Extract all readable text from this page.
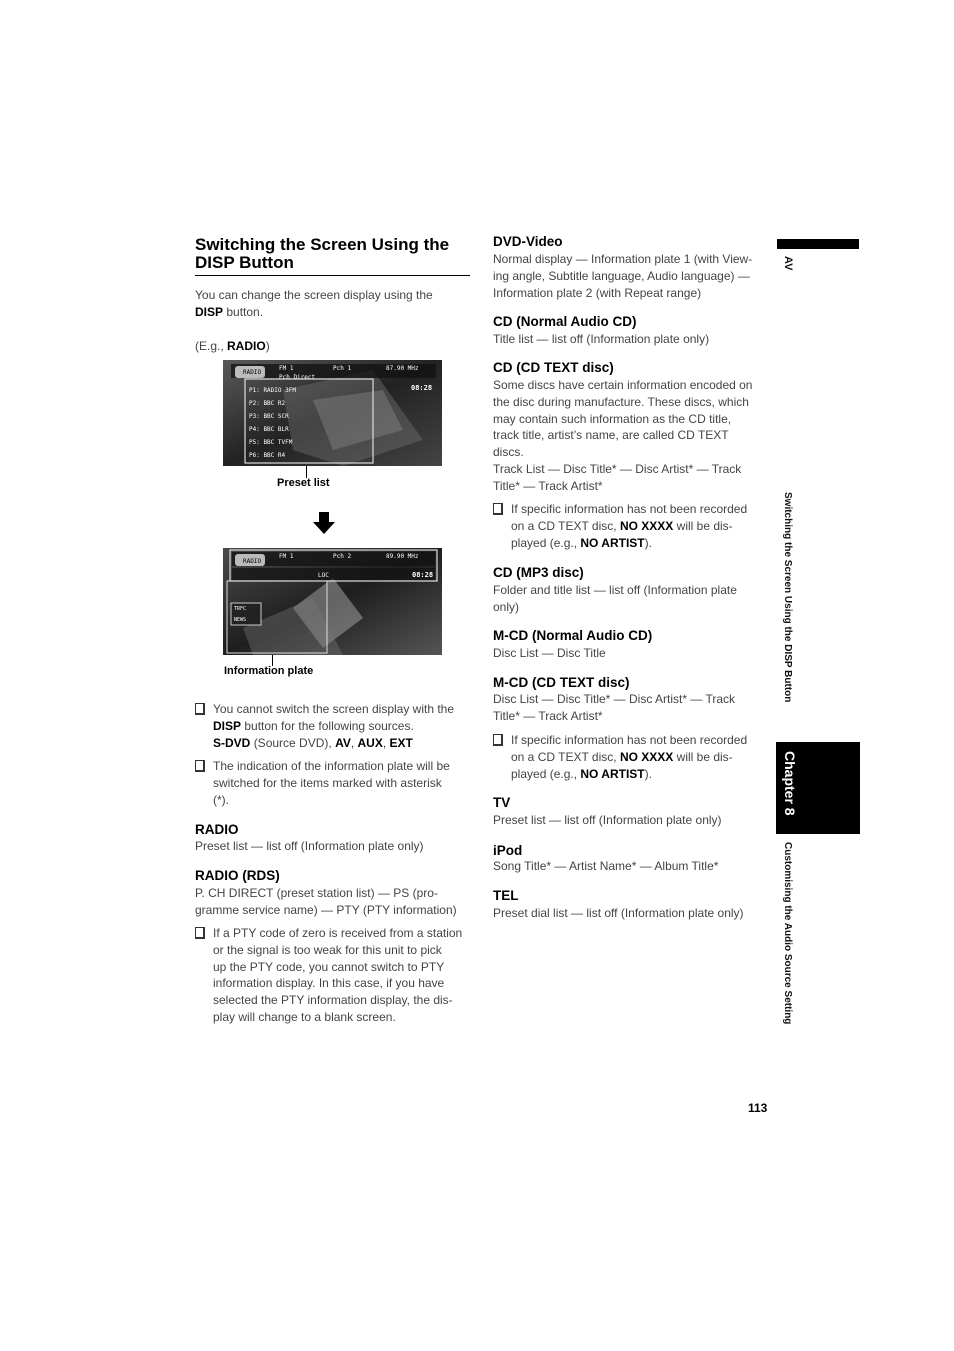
Switching the Screen Using the
DISP Button
You can change the screen display using the
DISP button.
(E.g., RADIO)
RADIO
FM 1
Pch Direct
Pch 1	87.90 MHz
08:28
P1: RADIO 3FM
P2: BBC R2
P3: BBC SCR
P4: BBC BLR
P5: BBC TVFM
P6: BBC R4
Preset list
RADIO
FM 1	Pch 2	89.90 MHz
LOC	08:28
TRFC
NEWS
Information plate
You cannot switch the screen display with the
DISP button for the following sources.
S-DVD (Source DVD), AV, AUX, EXT
The indication of the information plate will be
switched for the items marked with asterisk
(*).
RADIO
Preset list — list off (Information plate only)
RADIO (RDS)
P. CH DIRECT (preset station list) — PS (pro-
gramme service name) — PTY (PTY information)
If a PTY code of zero is received from a station
or the signal is too weak for this unit to pick
up the PTY code, you cannot switch to PTY
information display. In this case, if you have
selected the PTY information display, the dis-
play will change to a blank screen.
DVD-Video
Normal display — Information plate 1 (with View-
ing angle, Subtitle language, Audio language) —
Information plate 2 (with Repeat range)
CD (Normal Audio CD)
Title list — list off (Information plate only)
CD (CD TEXT disc)
Some discs have certain information encoded on
the disc during manufacture. These discs, which
may contain such information as the CD title,
track title, artist’s name, are called CD TEXT
discs.
Track List — Disc Title* — Disc Artist* — Track
Title* — Track Artist*
If specific information has not been recorded
on a CD TEXT disc, NO XXXX will be dis-
played (e.g., NO ARTIST).
CD (MP3 disc)
Folder and title list — list off (Information plate
only)
M-CD (Normal Audio CD)
Disc List — Disc Title
M-CD (CD TEXT disc)
Disc List — Disc Title* — Disc Artist* — Track
Title* — Track Artist*
If specific information has not been recorded
on a CD TEXT disc, NO XXXX will be dis-
played (e.g., NO ARTIST).
TV
Preset list — list off (Information plate only)
iPod
Song Title* — Artist Name* — Album Title*
TEL
Preset dial list — list off (Information plate only)
AV
Switching the Screen Using the DISP Button
Chapter 8
Customising the Audio Source Setting
113
